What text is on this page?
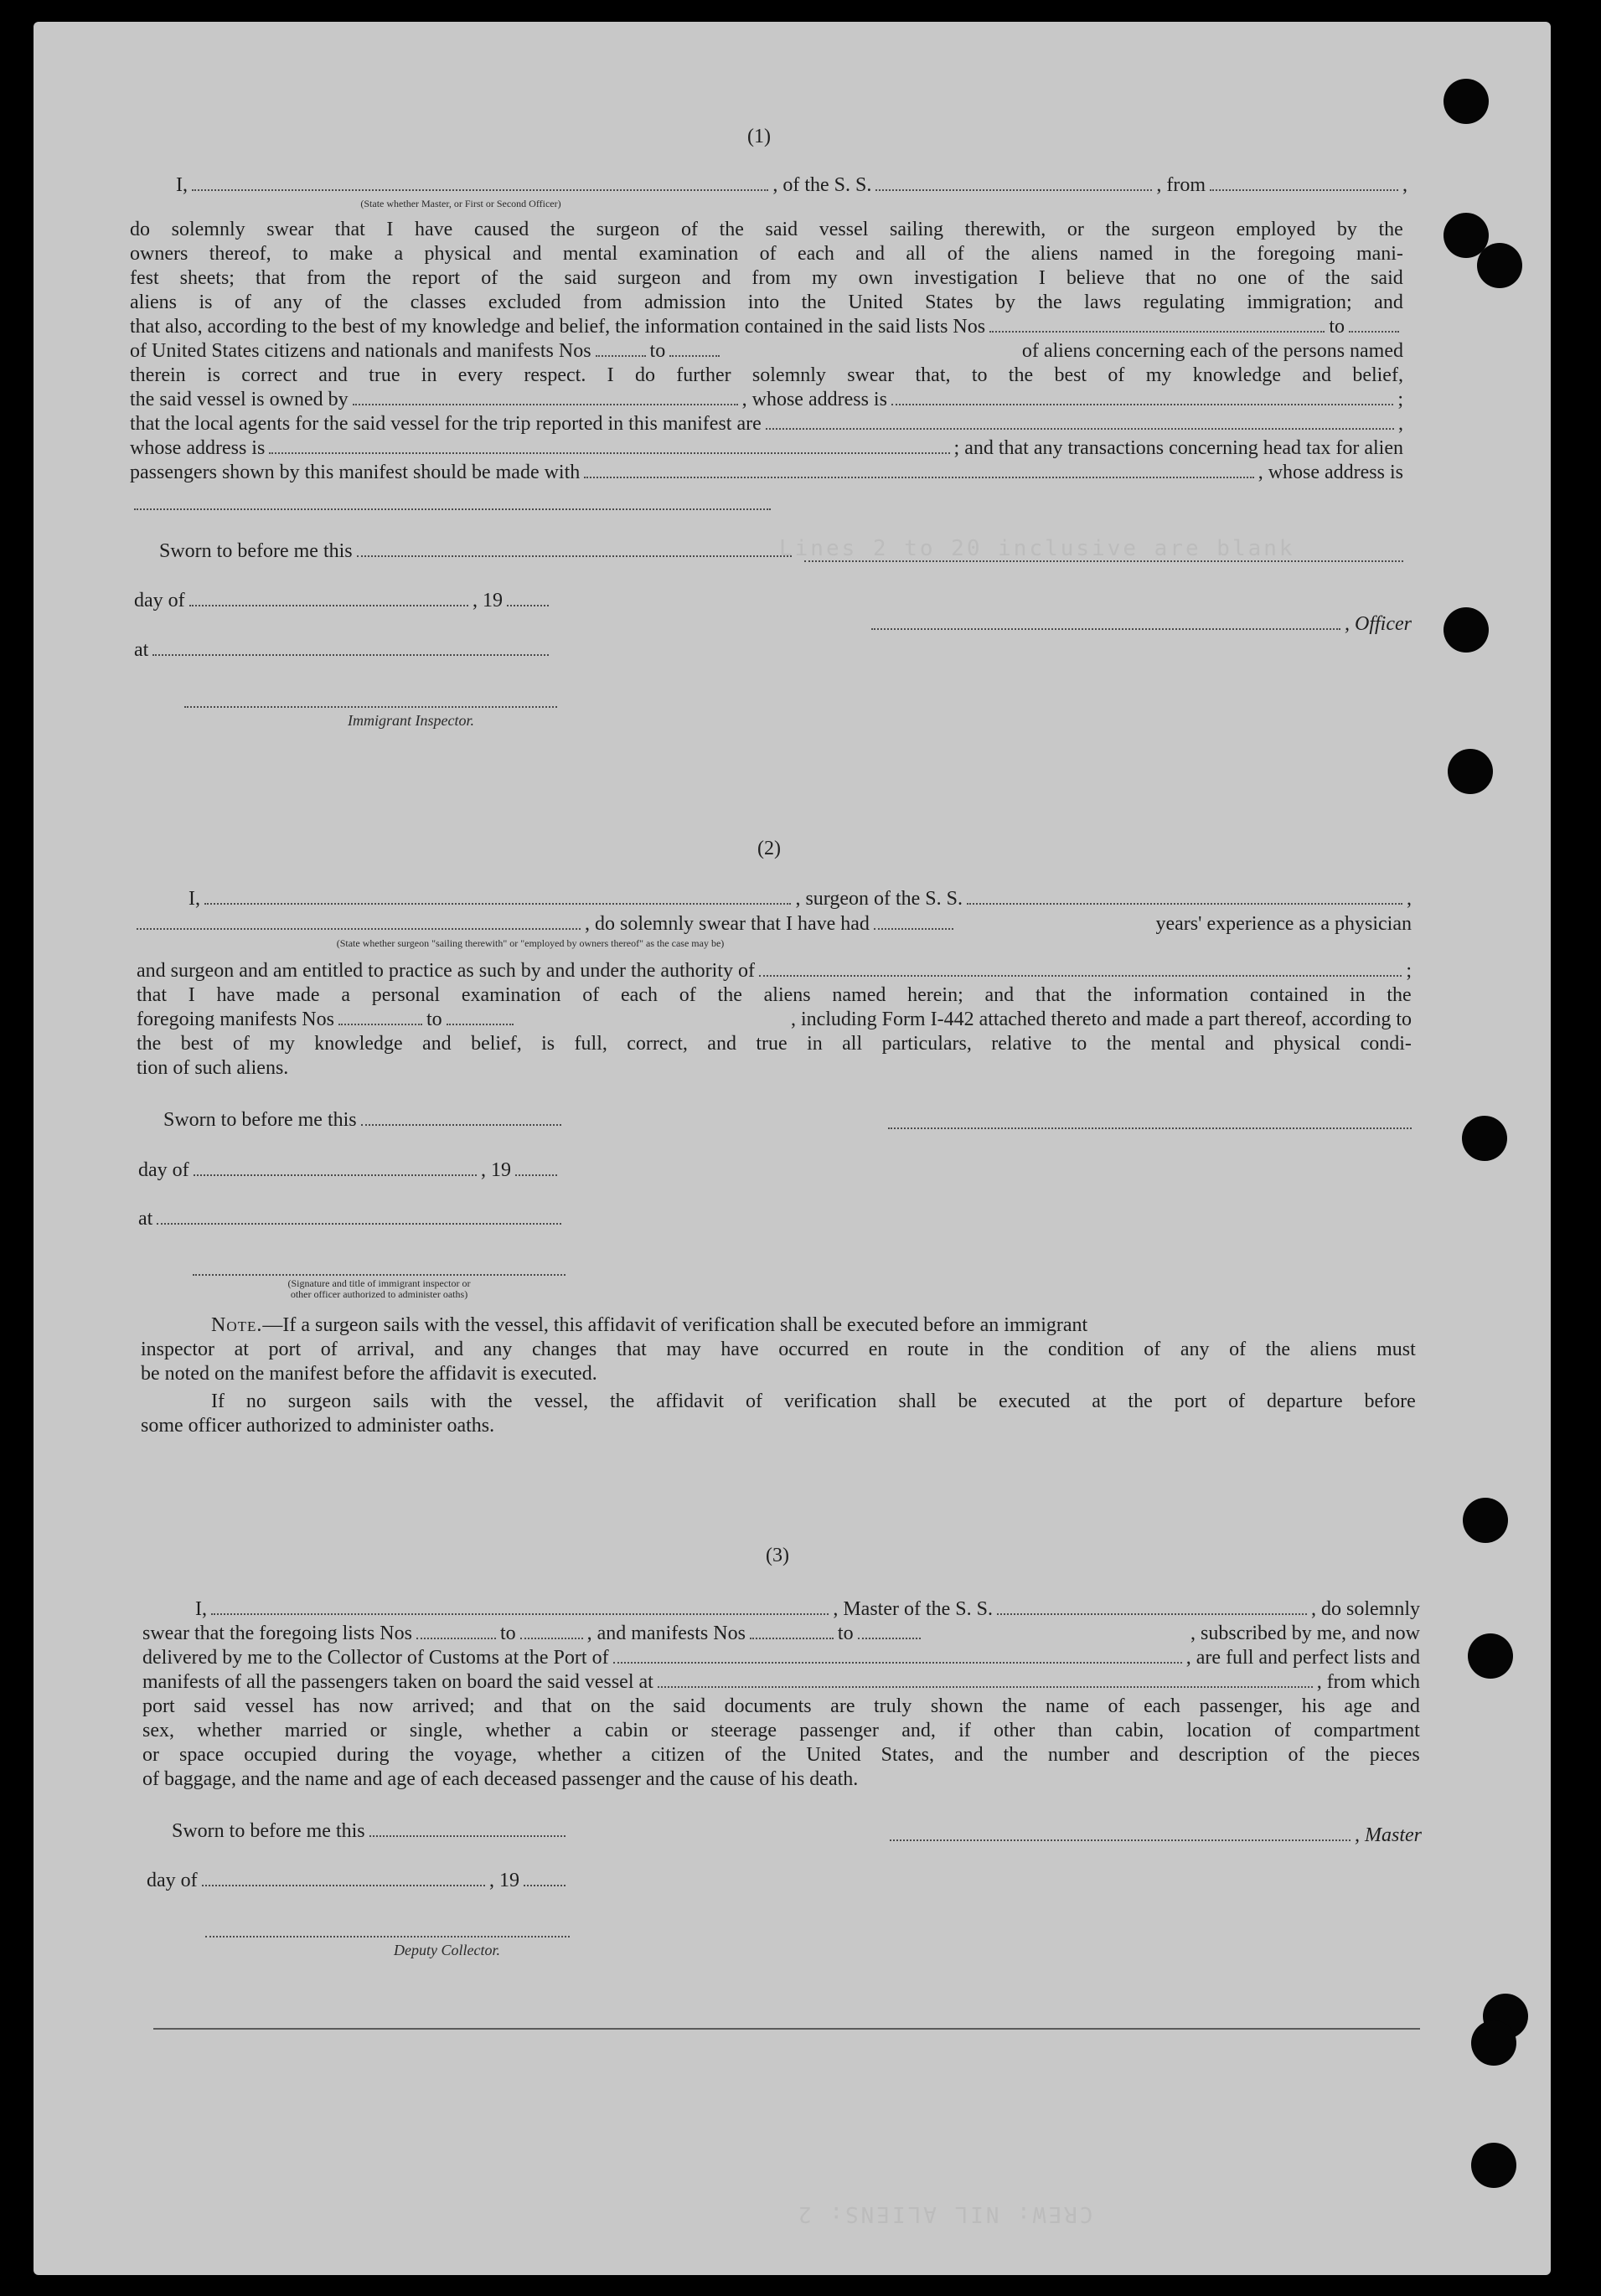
Lines 2 to 20 inclusive are blank
CREW: NIL ALIENS: 2
(1)
I,	, of the S. S.	, from	,
(State whether Master, or First or Second Officer)
do solemnly swear that I have caused the surgeon of the said vessel sailing therewith, or the surgeon employed by the
owners thereof, to make a physical and mental examination of each and all of the aliens named in the foregoing mani-
fest sheets; that from the report of the said surgeon and from my own investigation I believe that no one of the said
aliens is of any of the classes excluded from admission into the United States by the laws regulating immigration; and
that also, according to the best of my knowledge and belief, the information contained in the said lists Nos	to
of United States citizens and nationals and manifests Nos	to	of aliens concerning each of the persons named
therein is correct and true in every respect. I do further solemnly swear that, to the best of my knowledge and belief,
the said vessel is owned by	, whose address is	;
that the local agents for the said vessel for the trip reported in this manifest are	,
whose address is	; and that any transactions concerning head tax for alien
passengers shown by this manifest should be made with	, whose address is
Sworn to before me this
day of	, 19
, Officer
at
Immigrant Inspector.
(2)
I,	, surgeon of the S. S.	,
, do solemnly swear that I have had	years' experience as a physician
(State whether surgeon "sailing therewith" or "employed by owners thereof" as the case may be)
and surgeon and am entitled to practice as such by and under the authority of	;
that I have made a personal examination of each of the aliens named herein; and that the information contained in the
foregoing manifests Nos	to	, including Form I-442 attached thereto and made a part thereof, according to
the best of my knowledge and belief, is full, correct, and true in all particulars, relative to the mental and physical condi-
tion of such aliens.
Sworn to before me this
day of	, 19
at
(Signature and title of immigrant inspector or
other officer authorized to administer oaths)
Note. —If a surgeon sails with the vessel, this affidavit of verification shall be executed before an immigrant
inspector at port of arrival, and any changes that may have occurred en route in the condition of any of the aliens must
be noted on the manifest before the affidavit is executed.
If no surgeon sails with the vessel, the affidavit of verification shall be executed at the port of departure before
some officer authorized to administer oaths.
(3)
I,	, Master of the S. S.	, do solemnly
swear that the foregoing lists Nos	to	, and manifests Nos	to	, subscribed by me, and now
delivered by me to the Collector of Customs at the Port of	, are full and perfect lists and
manifests of all the passengers taken on board the said vessel at	, from which
port said vessel has now arrived; and that on the said documents are truly shown the name of each passenger, his age and
sex, whether married or single, whether a cabin or steerage passenger and, if other than cabin, location of compartment
or space occupied during the voyage, whether a citizen of the United States, and the number and description of the pieces
of baggage, and the name and age of each deceased passenger and the cause of his death.
Sworn to before me this	, Master
day of	, 19
Deputy Collector.
